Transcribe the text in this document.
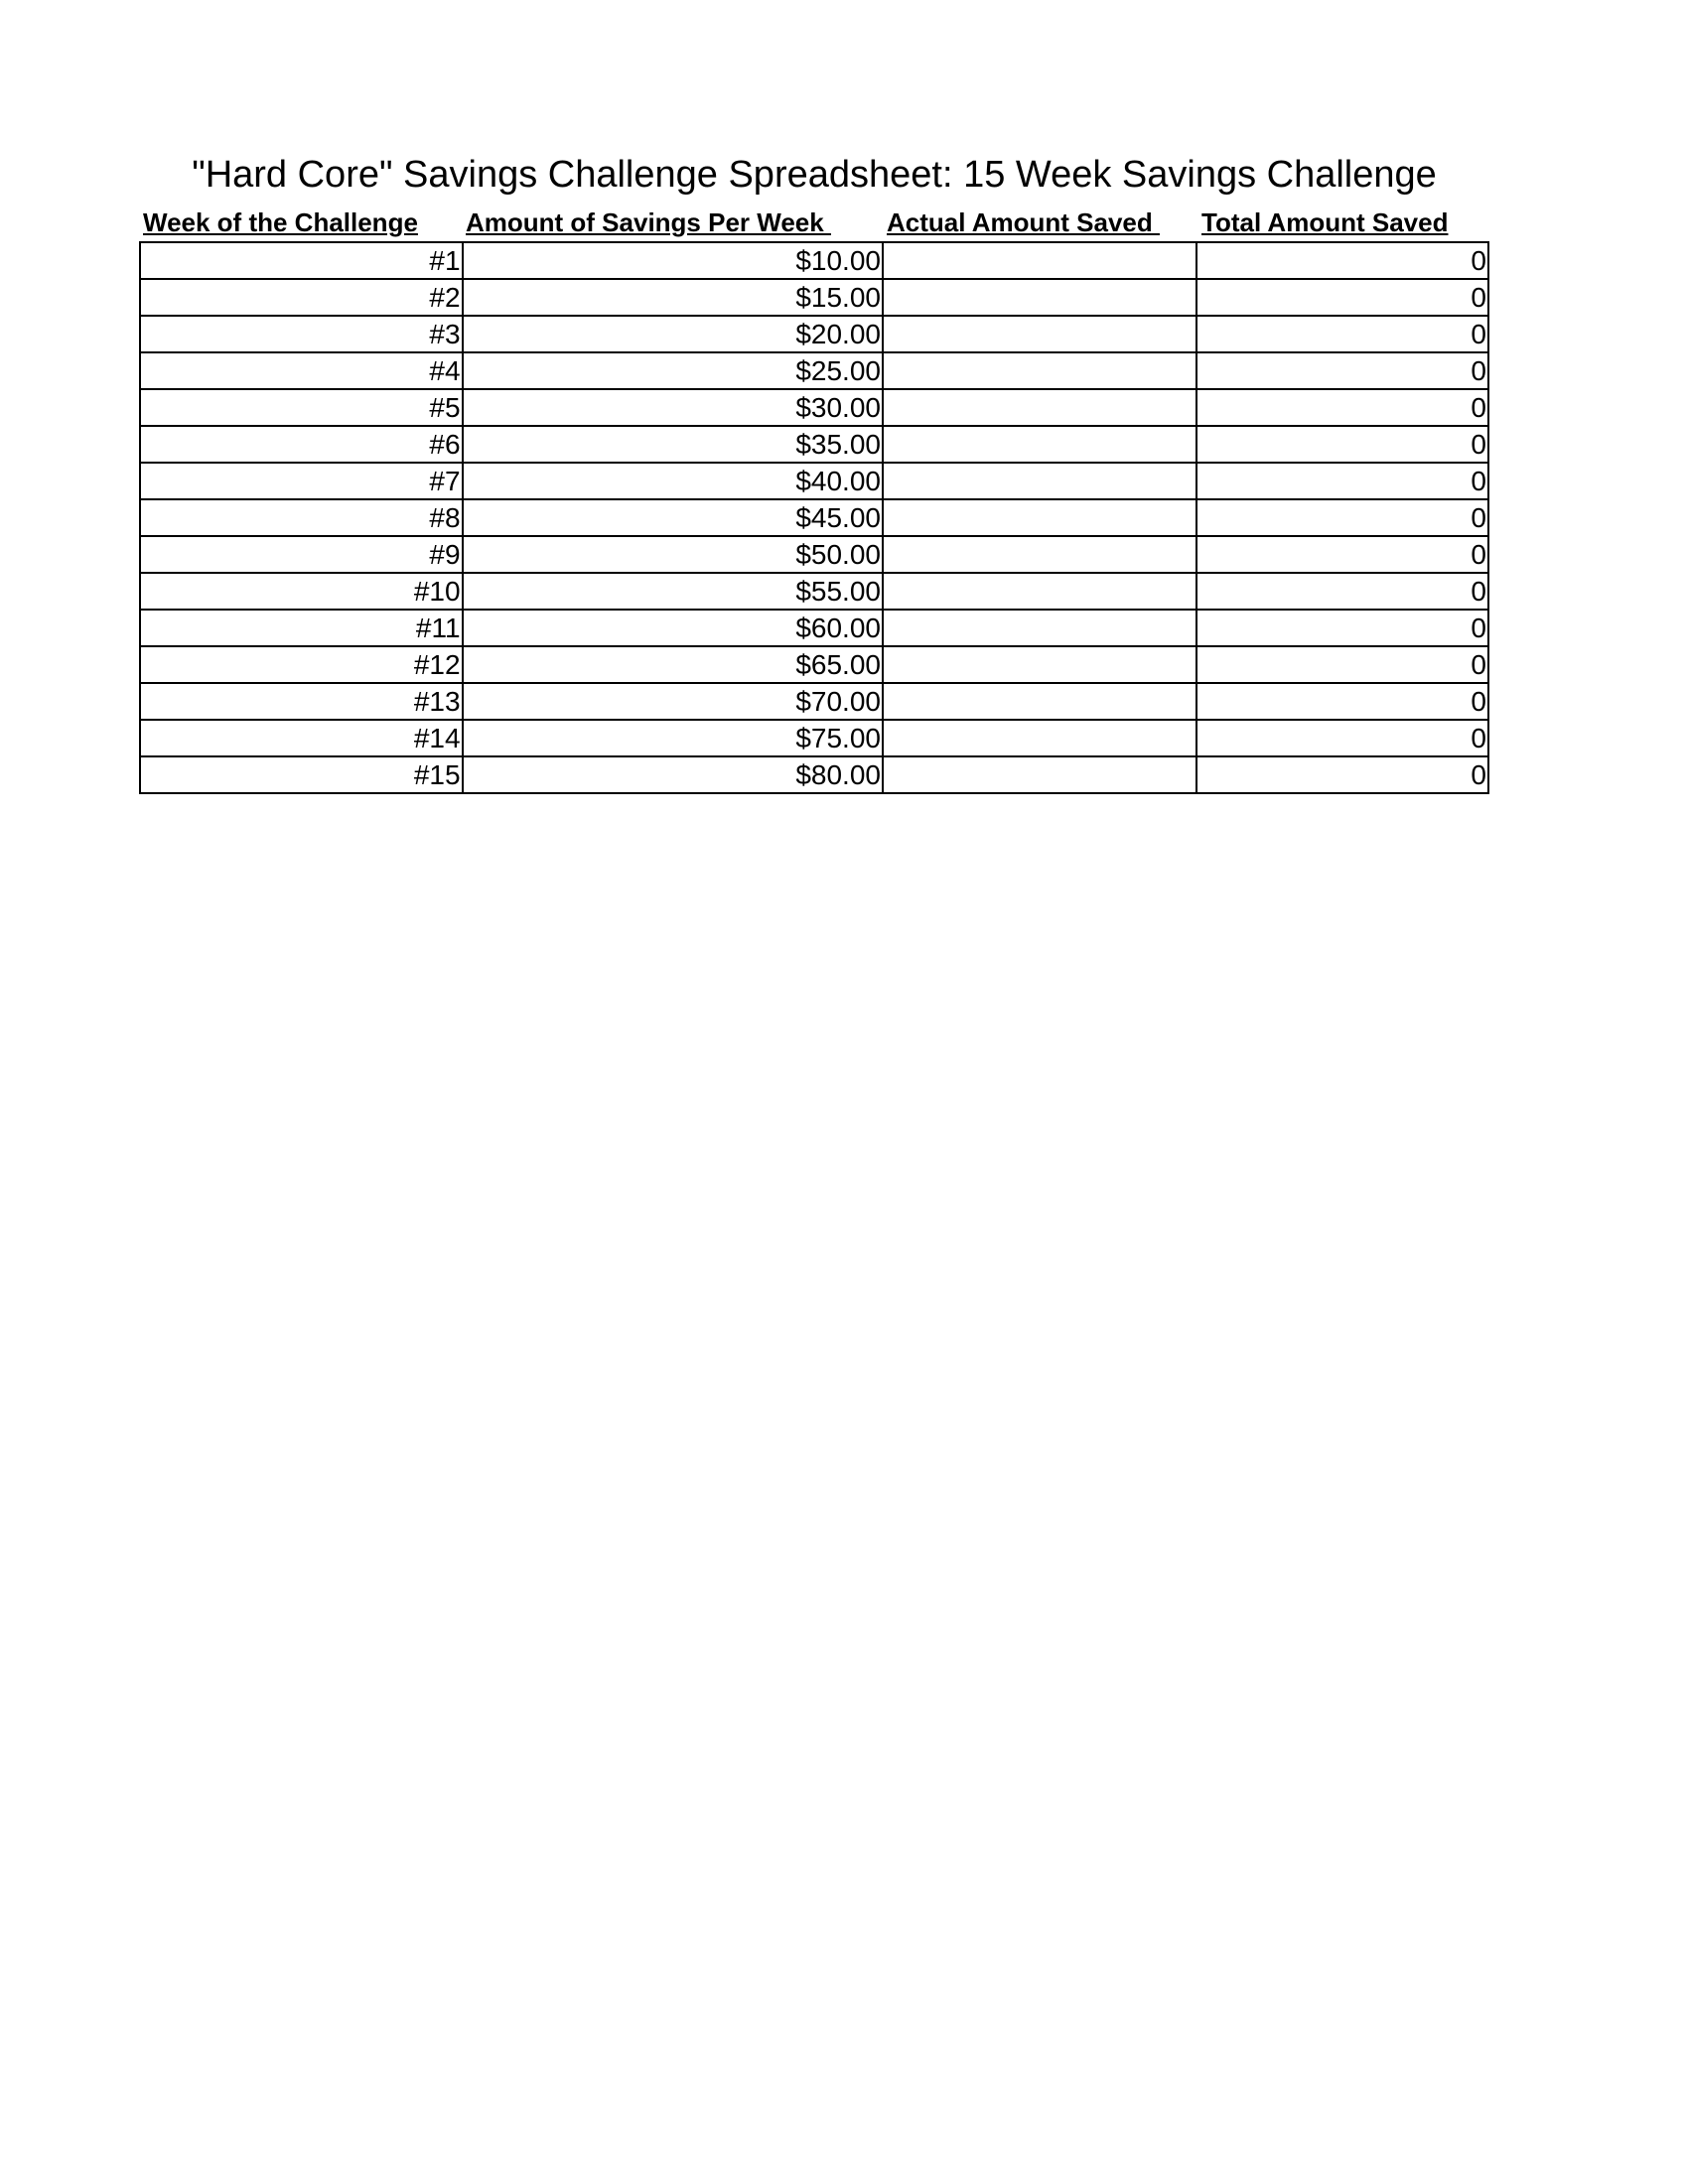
"Hard Core" Savings Challenge Spreadsheet: 15 Week Savings Challenge
Week of the Challenge	Amount of Savings Per Week	Actual Amount Saved	Total Amount Saved
#1	$10.00		0
#2	$15.00		0
#3	$20.00		0
#4	$25.00		0
#5	$30.00		0
#6	$35.00		0
#7	$40.00		0
#8	$45.00		0
#9	$50.00		0
#10	$55.00		0
#11	$60.00		0
#12	$65.00		0
#13	$70.00		0
#14	$75.00		0
#15	$80.00		0
